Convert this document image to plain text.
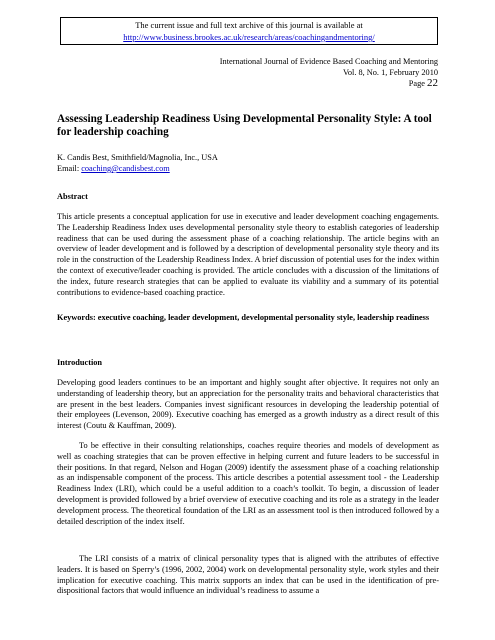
The current issue and full text archive of this journal is available at
http://www.business.brookes.ac.uk/research/areas/coachingandmentoring/
International Journal of Evidence Based Coaching and Mentoring
Vol. 8, No. 1, February 2010
Page 22
Assessing Leadership Readiness Using Developmental Personality Style: A tool for leadership coaching
K. Candis Best, Smithfield/Magnolia, Inc., USA
Email: coaching@candisbest.com
Abstract

This article presents a conceptual application for use in executive and leader development coaching engagements. The Leadership Readiness Index uses developmental personality style theory to establish categories of leadership readiness that can be used during the assessment phase of a coaching relationship. The article begins with an overview of leader development and is followed by a description of developmental personality style theory and its role in the construction of the Leadership Readiness Index. A brief discussion of potential uses for the index within the context of executive/leader coaching is provided. The article concludes with a discussion of the limitations of the index, future research strategies that can be applied to evaluate its viability and a summary of its potential contributions to evidence-based coaching practice.

Keywords: executive coaching, leader development, developmental personality style, leadership readiness

Introduction

Developing good leaders continues to be an important and highly sought after objective. It requires not only an understanding of leadership theory, but an appreciation for the personality traits and behavioral characteristics that are present in the best leaders. Companies invest significant resources in developing the leadership potential of their employees (Levenson, 2009). Executive coaching has emerged as a growth industry as a direct result of this interest (Coutu & Kauffman, 2009).

To be effective in their consulting relationships, coaches require theories and models of development as well as coaching strategies that can be proven effective in helping current and future leaders to be successful in their positions. In that regard, Nelson and Hogan (2009) identify the assessment phase of a coaching relationship as an indispensable component of the process. This article describes a potential assessment tool - the Leadership Readiness Index (LRI), which could be a useful addition to a coach’s toolkit. To begin, a discussion of leader development is provided followed by a brief overview of executive coaching and its role as a strategy in the leader development process. The theoretical foundation of the LRI as an assessment tool is then introduced followed by a detailed description of the index itself.

The LRI consists of a matrix of clinical personality types that is aligned with the attributes of effective leaders. It is based on Sperry’s (1996, 2002, 2004) work on developmental personality style, work styles and their implication for executive coaching. This matrix supports an index that can be used in the identification of pre-dispositional factors that would influence an individual’s readiness to assume a
